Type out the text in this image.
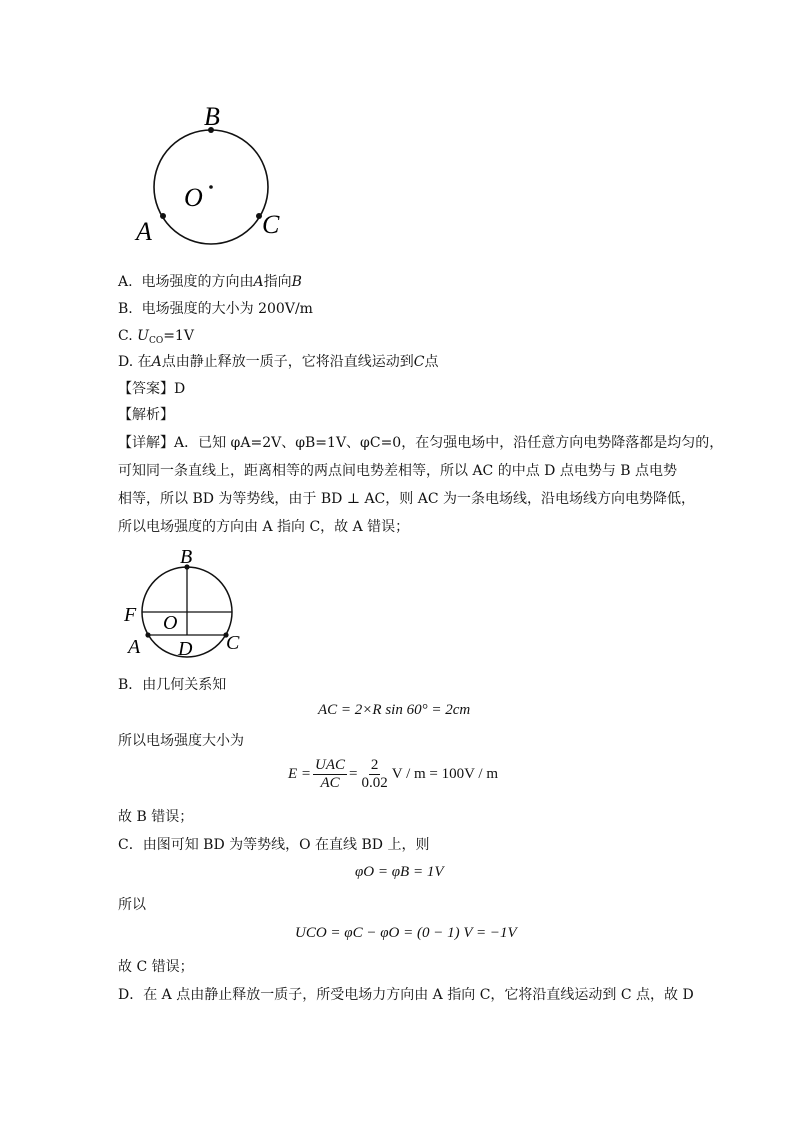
B
O
A	C
A. 电场强度的方向由A指向B
B. 电场强度的大小为 200V/m
C. $U_{CO}=1V$
D. 在A点由静止释放一质子，它将沿直线运动到C点
【答案】D
【解析】
【详解】A．已知 φA=2V、φB=1V、φC=0，在匀强电场中，沿任意方向电势降落都是均匀的，
可知同一条直线上，距离相等的两点间电势差相等，所以 AC 的中点 D 点电势与 B 点电势
相等，所以 BD 为等势线，由于 BD ⊥ AC，则 AC 为一条电场线，沿电场线方向电势降低，
所以电场强度的方向由 A 指向 C，故 A 错误；
B
F O
A D C
B．由几何关系知
AC = 2×R sin 60° = 2cm
所以电场强度大小为
$E = \frac{\text{UAC}}{AC} = \frac{2}{0.02}$ V / m = 100V / m
故 B 错误；
C．由图可知 BD 为等势线，O 在直线 BD 上，则
φO = φB = 1V
所以
UCO = φC − φO = (0 − 1) V = −1V
故 C 错误；
D．在 A 点由静止释放一质子，所受电场力方向由 A 指向 C，它将沿直线运动到 C 点，故 D
